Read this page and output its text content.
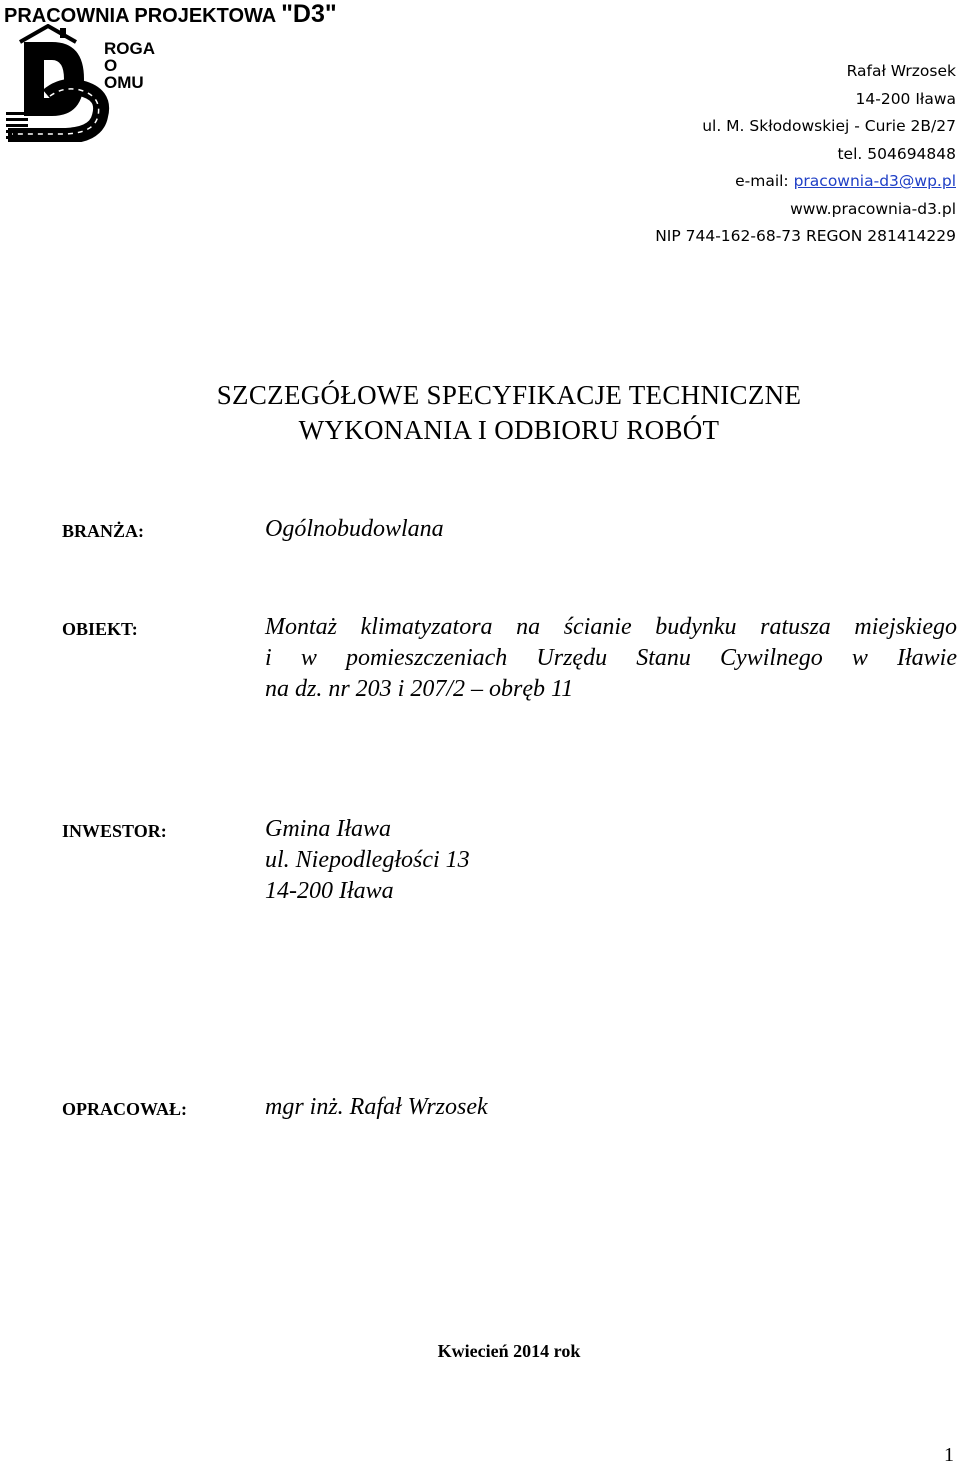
PRACOWNIA PROJEKTOWA "D3"
ROGA
O
OMU
Rafał Wrzosek
14-200 Iława
ul. M. Skłodowskiej - Curie 2B/27
tel. 504694848
e-mail: pracownia-d3@wp.pl
www.pracownia-d3.pl
NIP 744-162-68-73 REGON 281414229
SZCZEGÓŁOWE SPECYFIKACJE TECHNICZNE
WYKONANIA I ODBIORU ROBÓT
BRANŻA:	Ogólnobudowlana
OBIEKT:	Montaż klimatyzatora na ścianie budynku ratusza miejskiego
i w pomieszczeniach Urzędu Stanu Cywilnego w Iławie
na dz. nr 203 i 207/2 – obręb 11
INWESTOR:	Gmina Iława
ul. Niepodległości 13
14-200 Iława
OPRACOWAŁ:	mgr inż. Rafał Wrzosek
Kwiecień 2014 rok
1
